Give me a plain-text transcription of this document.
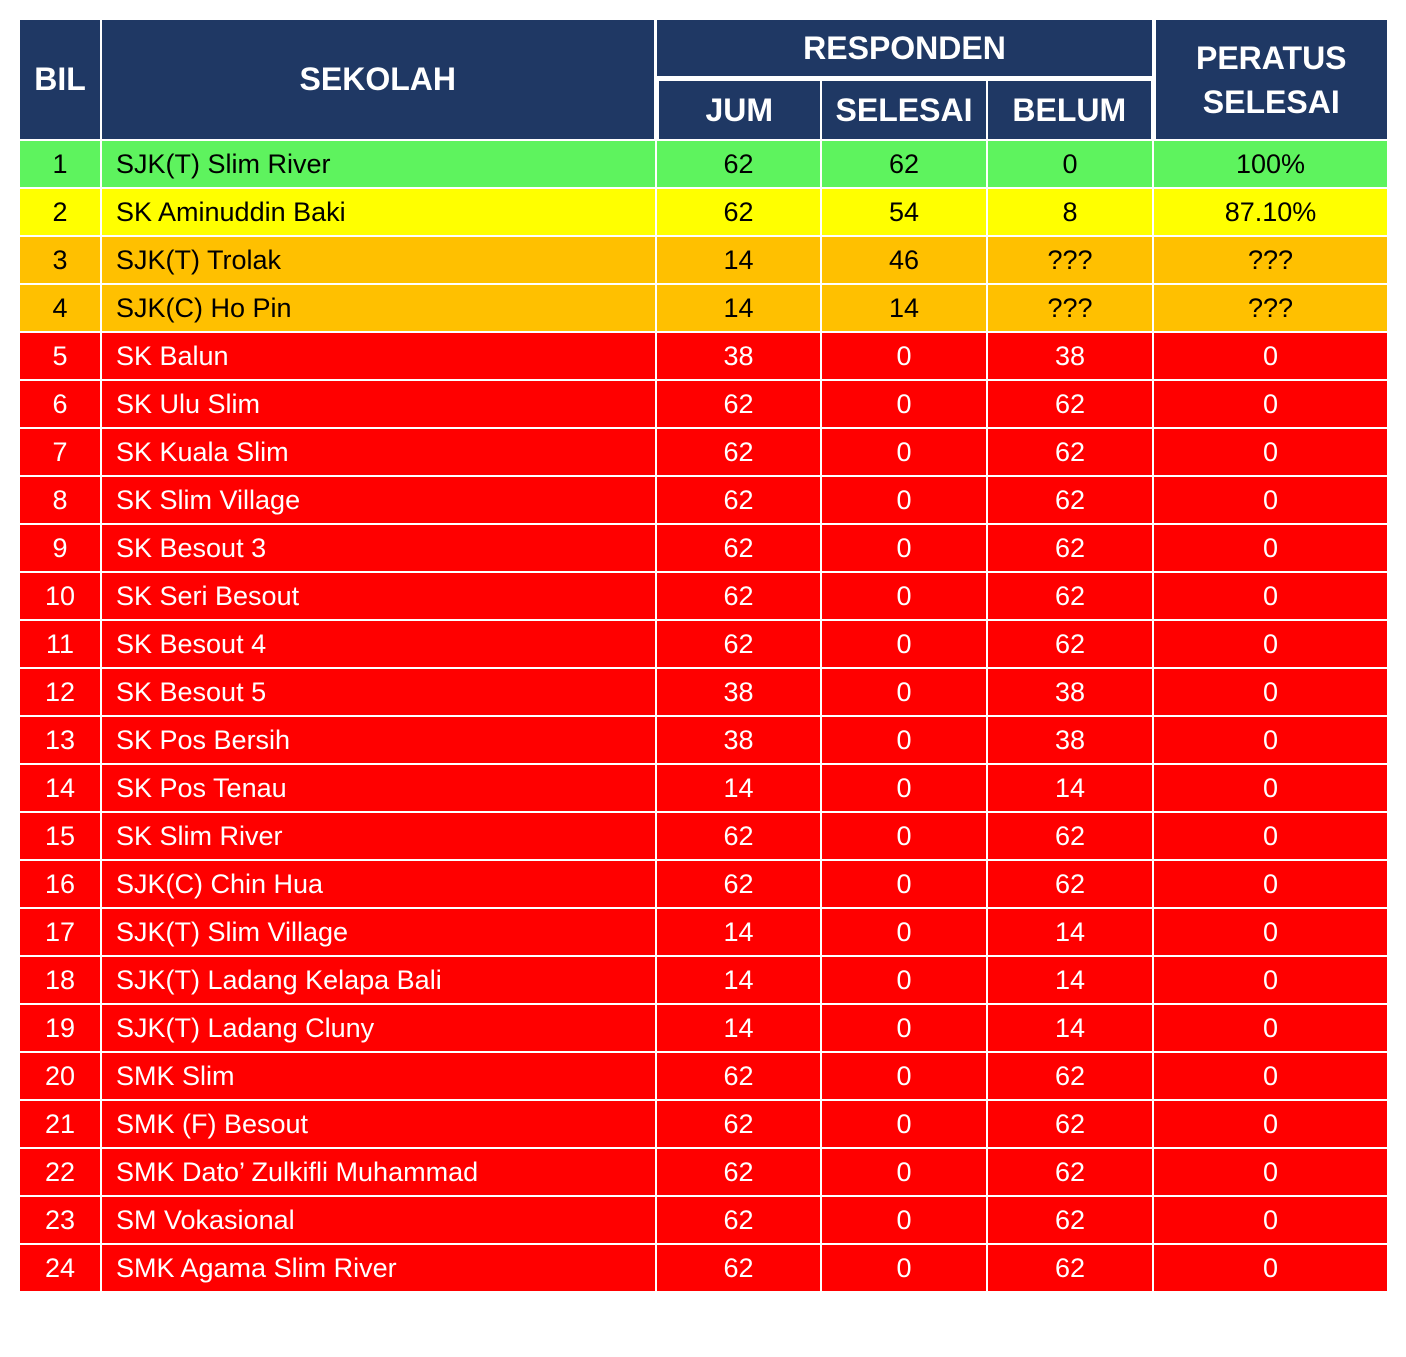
BIL	SEKOLAH	RESPONDEN			PERATUS
SELESAI

		JUM	SELESAI	BELUM	
1	SJK(T) Slim River	62	62	0	100%
2	SK Aminuddin Baki	62	54	8	87.10%
3	SJK(T) Trolak	14	46	???	???
4	SJK(C) Ho Pin	14	14	???	???
5	SK Balun	38	0	38	0
6	SK Ulu Slim	62	0	62	0
7	SK Kuala Slim	62	0	62	0
8	SK Slim Village	62	0	62	0
9	SK Besout 3	62	0	62	0
10	SK Seri Besout	62	0	62	0
11	SK Besout 4	62	0	62	0
12	SK Besout 5	38	0	38	0
13	SK Pos Bersih	38	0	38	0
14	SK Pos Tenau	14	0	14	0
15	SK Slim River	62	0	62	0
16	SJK(C) Chin Hua	62	0	62	0
17	SJK(T) Slim Village	14	0	14	0
18	SJK(T) Ladang Kelapa Bali	14	0	14	0
19	SJK(T) Ladang Cluny	14	0	14	0
20	SMK Slim	62	0	62	0
21	SMK (F) Besout	62	0	62	0
22	SMK Dato’ Zulkifli Muhammad	62	0	62	0
23	SM Vokasional	62	0	62	0
24	SMK Agama Slim River	62	0	62	0
